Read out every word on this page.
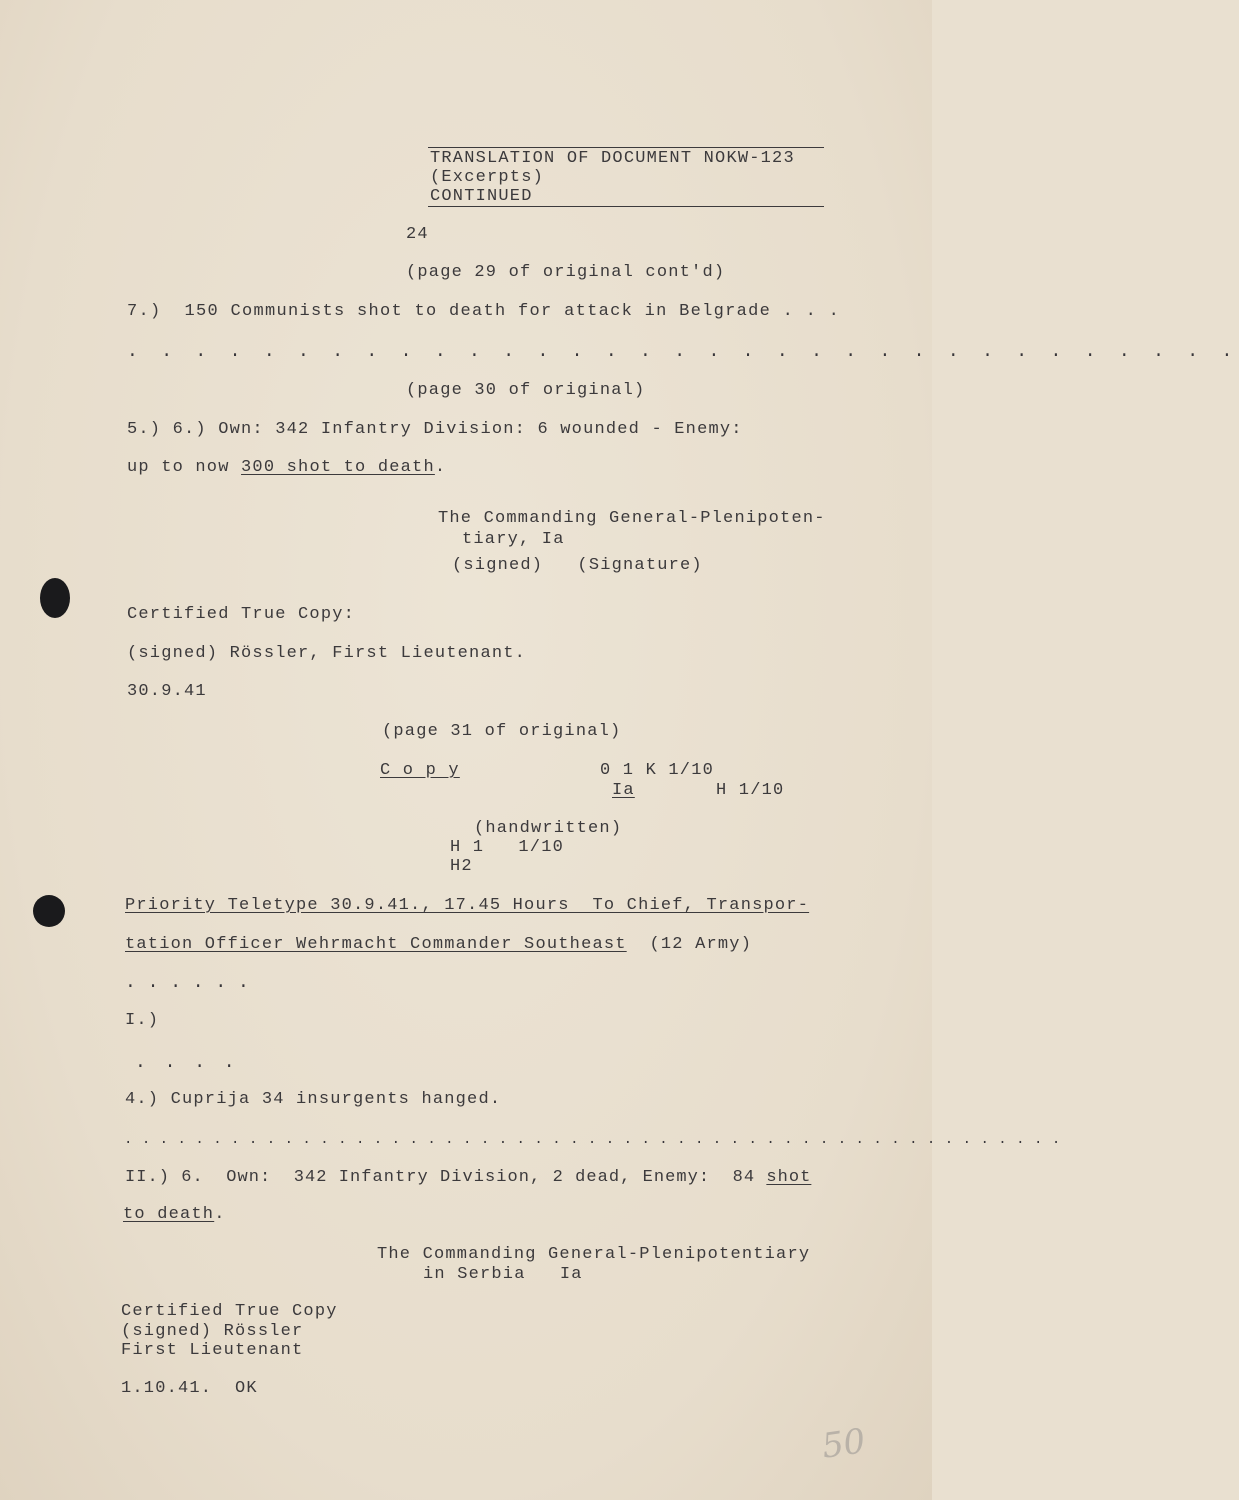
TRANSLATION OF DOCUMENT NOKW-123
(Excerpts)
CONTINUED
24
(page 29 of original cont'd)
7.)  150 Communists shot to death for attack in Belgrade . . .
. . . . . . . . . . . . . . . . . . . . . . . . . . . . . . . . .
(page 30 of original)
5.) 6.) Own: 342 Infantry Division: 6 wounded - Enemy:
up to now 300 shot to death.
The Commanding General-Plenipoten-
tiary, Ia
(signed)   (Signature)
Certified True Copy:
(signed) Rössler, First Lieutenant.
30.9.41
(page 31 of original)
C o p y	0 1 K 1/10
Ia	H 1/10
(handwritten)
H 1   1/10
H2
Priority Teletype 30.9.41., 17.45 Hours  To Chief, Transpor-
tation Officer Wehrmacht Commander Southeast  (12 Army)
. . . . . .
I.)
. . . .
4.) Cuprija 34 insurgents hanged.
. . . . . . . . . . . . . . . . . . . . . . . . . . . . . . . . . . . . . . . . . . . . . . . . . . . . .
II.) 6.  Own:  342 Infantry Division, 2 dead, Enemy:  84 shot
to death.
The Commanding General-Plenipotentiary
in Serbia   Ia
Certified True Copy
(signed) Rössler
First Lieutenant
1.10.41.  OK
50
